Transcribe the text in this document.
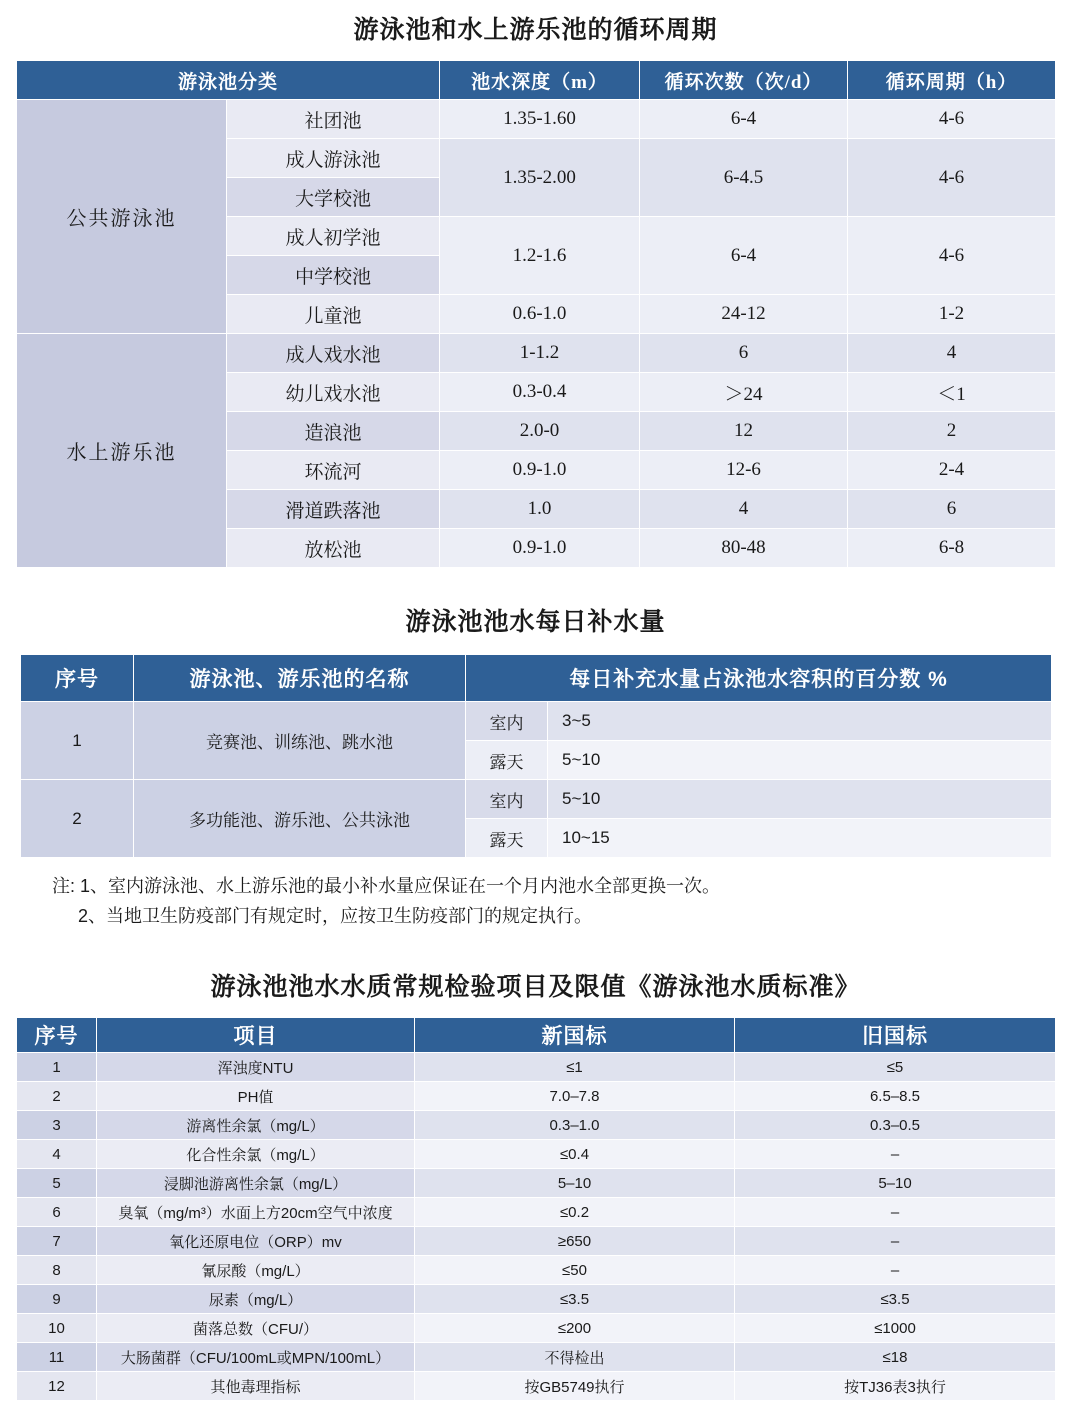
游泳池和水上游乐池的循环周期
游泳池分类		池水深度（m）	循环次数（次/d）	循环周期（h）
公共游泳池	社团池	1.35-1.60	6-4	4-6
	成人游泳池	1.35-2.00	6-4.5	4-6
	大学校池			
	成人初学池	1.2-1.6	6-4	4-6
	中学校池			
	儿童池	0.6-1.0	24-12	1-2
水上游乐池	成人戏水池	1-1.2	6	4
	幼儿戏水池	0.3-0.4	＞24	＜1
	造浪池	2.0-0	12	2
	环流河	0.9-1.0	12-6	2-4
	滑道跌落池	1.0	4	6
	放松池	0.9-1.0	80-48	6-8
游泳池池水每日补水量
序号	游泳池、游乐池的名称	每日补充水量占泳池水容积的百分数 %	
1	竞赛池、训练池、跳水池	室内	3~5
		露天	5~10
2	多功能池、游乐池、公共泳池	室内	5~10
		露天	10~15
注: 1、室内游泳池、水上游乐池的最小补水量应保证在一个月内池水全部更换一次。
2、当地卫生防疫部门有规定时，应按卫生防疫部门的规定执行。
游泳池池水水质常规检验项目及限值《游泳池水质标准》
序号	项目	新国标	旧国标
1	浑浊度NTU	≤1	≤5
2	PH值	7.0–7.8	6.5–8.5
3	游离性余氯（mg/L）	0.3–1.0	0.3–0.5
4	化合性余氯（mg/L）	≤0.4	–
5	浸脚池游离性余氯（mg/L）	5–10	5–10
6	臭氧（mg/m³）水面上方20cm空气中浓度	≤0.2	–
7	氧化还原电位（ORP）mv	≥650	–
8	氰尿酸（mg/L）	≤50	–
9	尿素（mg/L）	≤3.5	≤3.5
10	菌落总数（CFU/）	≤200	≤1000
11	大肠菌群（CFU/100mL或MPN/100mL）	不得检出	≤18
12	其他毒理指标	按GB5749执行	按TJ36表3执行
